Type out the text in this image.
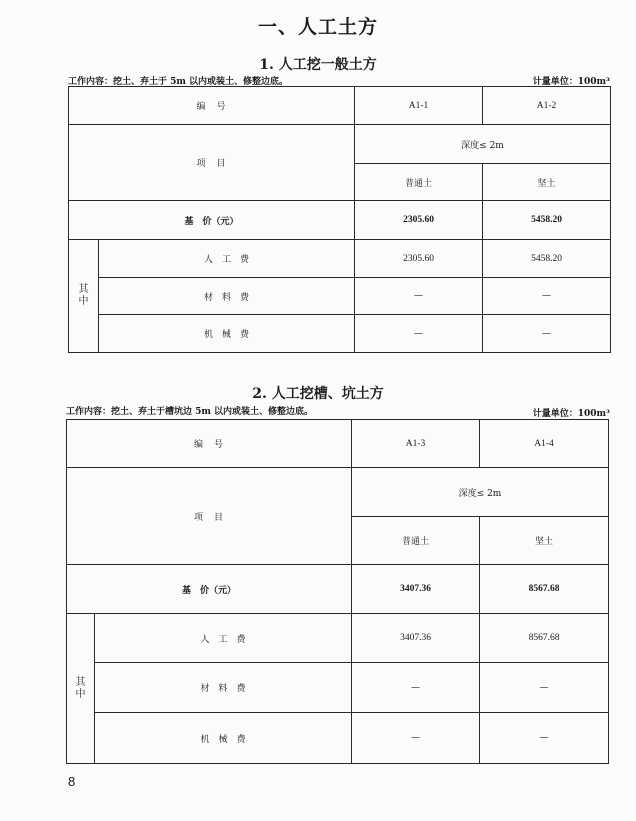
一、人工土方
1. 人工挖一般土方
工作内容：挖土、弃土于 5m 以内或装土、修整边底。	计量单位：100m³
编　号		A1-1	A1-2
项　目		深度≤ 2m	
		普通土	坚土
基　价（元）		2305.60	5458.20
其中	人　工　费	2305.60	5458.20
	材　料　费	—	—
	机　械　费	—	—
2. 人工挖槽、坑土方
工作内容：挖土、弃土于槽坑边 5m 以内或装土、修整边底。	计量单位：100m³
编　号		A1-3	A1-4
项　目		深度≤ 2m	
		普通土	坚土
基　价（元）		3407.36	8567.68
其中	人　工　费	3407.36	8567.68
	材　料　费	—	—
	机　械　费	—	—
8
